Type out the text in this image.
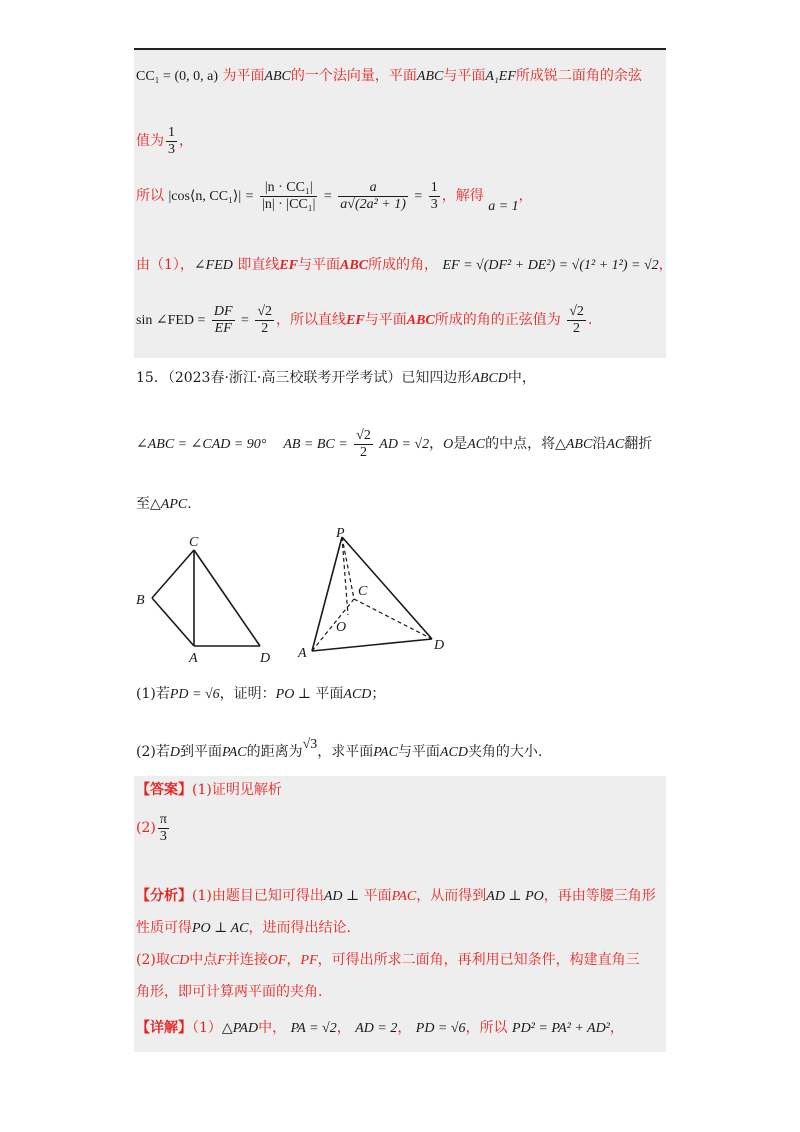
CC₁ = (0, 0, a) 为平面ABC的一个法向量，平面ABC与平面A₁EF所成锐二面角的余弦
值为 $\frac{1}{3}$ ，
所以 |cos⟨n, CC₁⟩| = $\frac{\text{|n · CC₁|}}{\text{|n| · |CC₁|}} = \frac{a}{\text{a√(2a² + 1)}} = \frac{1}{3}$ ，解得 a = 1，
由（1），∠FED 即直线EF与平面ABC所成的角， EF = √(DF² + DE²) = √(1² + 1²) = √2，
sin ∠FED = $\frac{DF}{EF} = \frac{√2}{2}$ ，所以直线EF与平面ABC所成的角的正弦值为 $\frac{√2}{2}$ .
15．（2023春·浙江·高三校联考开学考试）已知四边形ABCD中，
∠ABC = ∠CAD = 90° AB = BC = $\frac{√2}{2}$ AD = √2，O是AC的中点，将△ABC沿AC翻折
至△APC.
C
B
A	D
P
C
O
A
D
(1)若PD = √6，证明：PO ⊥ 平面ACD；
(2)若D到平面PAC的距离为√3，求平面PAC与平面ACD夹角的大小.
【答案】(1)证明见解析
$(2) \frac{\pi}{3}$
【分析】(1)由题目已知可得出AD ⊥ 平面PAC，从而得到AD ⊥ PO，再由等腰三角形
性质可得PO ⊥ AC，进而得出结论.
(2)取CD中点F并连接OF，PF，可得出所求二面角，再利用已知条件，构建直角三
角形，即可计算两平面的夹角.
【详解】（1）△PAD中， PA = √2， AD = 2， PD = √6，所以 PD² = PA² + AD²，
